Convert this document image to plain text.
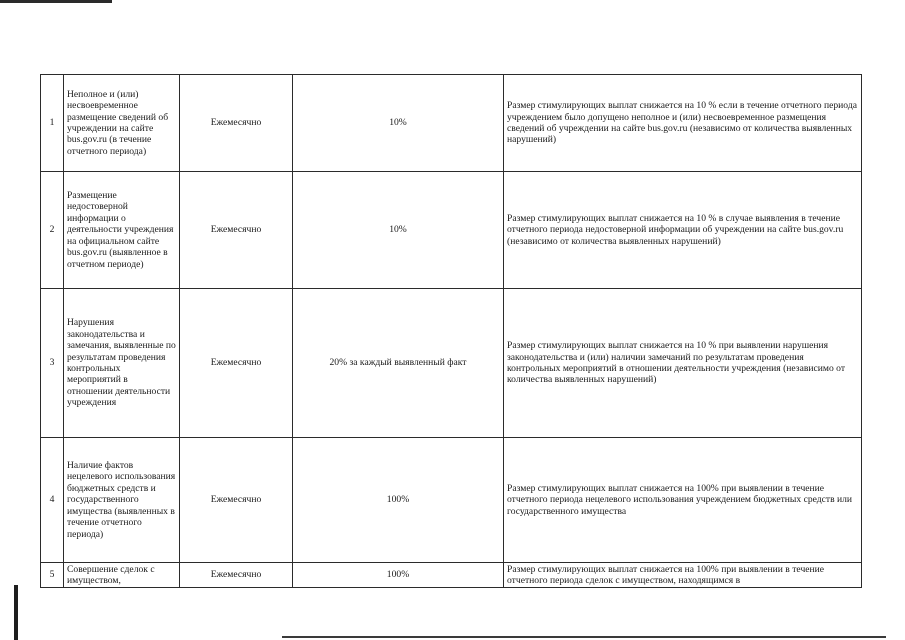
1	Неполное и (или) несвоевременное размещение сведений об учреждении на сайте bus.gov.ru (в течение отчетного периода)	Ежемесячно	10%	Размер стимулирующих выплат снижается на 10 % если в течение отчетного периода учреждением было допущено неполное и (или) несвоевременное размещения сведений об учреждении на сайте bus.gov.ru (независимо от количества выявленных нарушений)
2	Размещение недостоверной информации о деятельности учреждения на официальном сайте bus.gov.ru (выявленное в отчетном периоде)	Ежемесячно	10%	Размер стимулирующих выплат снижается на 10 % в случае выявления в течение отчетного периода недостоверной информации об учреждении на сайте bus.gov.ru (независимо от количества выявленных нарушений)
3	Нарушения законодательства и замечания, выявленные по результатам проведения контрольных мероприятий в отношении деятельности учреждения	Ежемесячно	20% за каждый выявленный факт	Размер стимулирующих выплат снижается на 10 % при выявлении нарушения законодательства и (или) наличии замечаний по результатам проведения контрольных мероприятий в отношении деятельности учреждения (независимо от количества выявленных нарушений)
4	Наличие фактов нецелевого использования бюджетных средств и государственного имущества (выявленных в течение отчетного периода)	Ежемесячно	100%	Размер стимулирующих выплат снижается на 100% при выявлении в течение отчетного периода нецелевого использования учреждением бюджетных средств или государственного имущества
5	Совершение сделок с имуществом,	Ежемесячно	100%	Размер стимулирующих выплат снижается на 100% при выявлении в течение отчетного периода сделок с имуществом, находящимся в
